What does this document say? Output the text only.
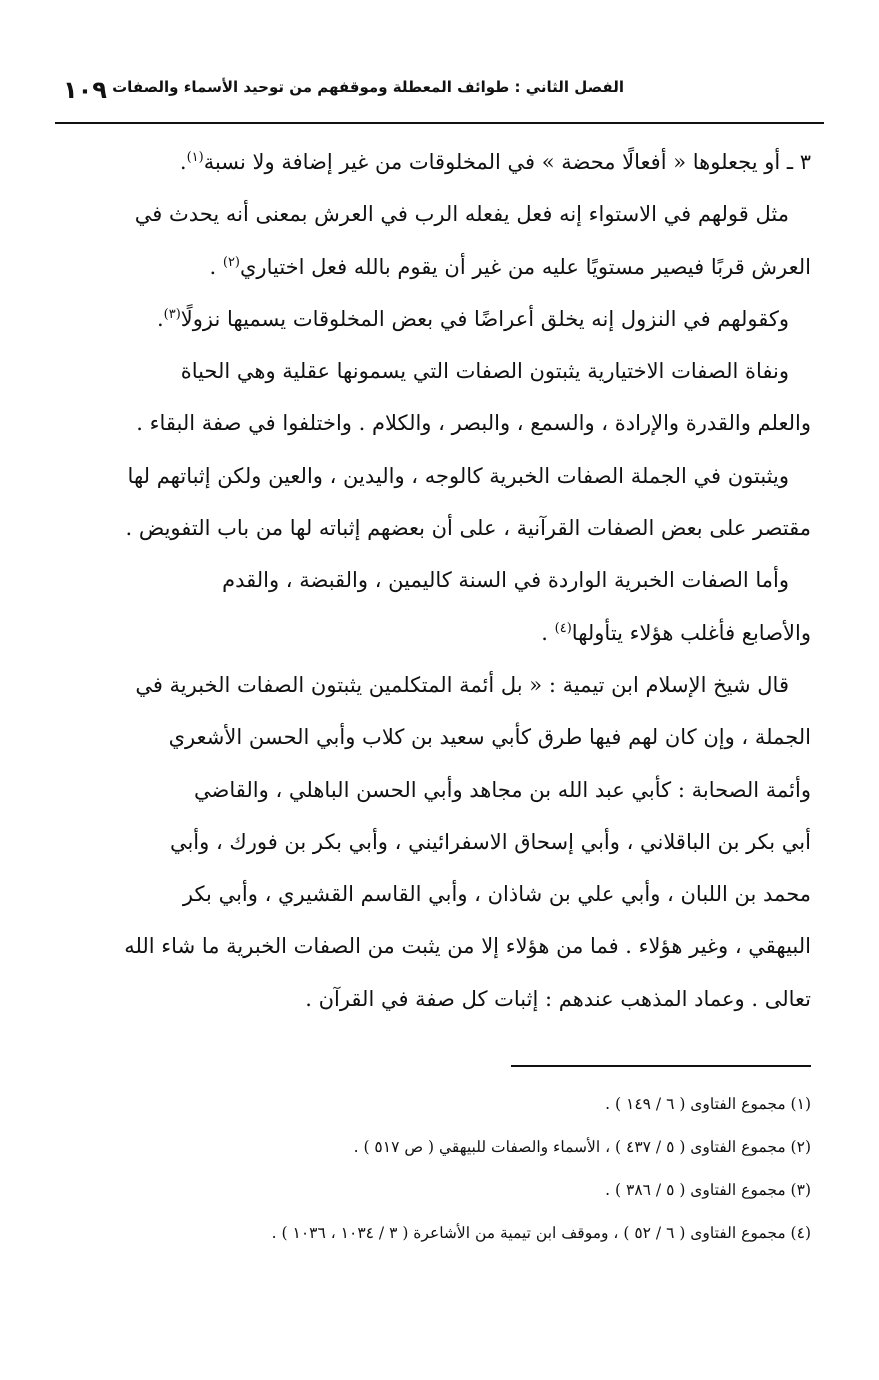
الفصل الثاني : طوائف المعطلة وموقفهم من توحيد الأسماء والصفات
١٠٩
٣ ـ أو يجعلوها « أفعالًا محضة » في المخلوقات من غير إضافة ولا نسبة$^{(١)}$.
مثل قولهم في الاستواء إنه فعل يفعله الرب في العرش بمعنى أنه يحدث في
العرش قربًا فيصير مستويًا عليه من غير أن يقوم بالله فعل اختياري$^{(٢)}$ .
وكقولهم في النزول إنه يخلق أعراضًا في بعض المخلوقات يسميها نزولًا$^{(٣)}$.
ونفاة الصفات الاختيارية يثبتون الصفات التي يسمونها عقلية وهي الحياة
والعلم والقدرة والإرادة ، والسمع ، والبصر ، والكلام . واختلفوا في صفة البقاء .
ويثبتون في الجملة الصفات الخبرية كالوجه ، واليدين ، والعين ولكن إثباتهم لها
مقتصر على بعض الصفات القرآنية ، على أن بعضهم إثباته لها من باب التفويض .
وأما الصفات الخبرية الواردة في السنة كاليمين ، والقبضة ، والقدم
والأصابع فأغلب هؤلاء يتأولها$^{(٤)}$ .
قال شيخ الإسلام ابن تيمية : « بل أئمة المتكلمين يثبتون الصفات الخبرية في
الجملة ، وإن كان لهم فيها طرق كأبي سعيد بن كلاب وأبي الحسن الأشعري
وأئمة الصحابة : كأبي عبد الله بن مجاهد وأبي الحسن الباهلي ، والقاضي
أبي بكر بن الباقلاني ، وأبي إسحاق الاسفرائيني ، وأبي بكر بن فورك ، وأبي
محمد بن اللبان ، وأبي علي بن شاذان ، وأبي القاسم القشيري ، وأبي بكر
البيهقي ، وغير هؤلاء . فما من هؤلاء إلا من يثبت من الصفات الخبرية ما شاء الله
تعالى . وعماد المذهب عندهم : إثبات كل صفة في القرآن .
(١) مجموع الفتاوى ( ٦ / ١٤٩ ) .
(٢) مجموع الفتاوى ( ٥ / ٤٣٧ ) ، الأسماء والصفات للبيهقي ( ص ٥١٧ ) .
(٣) مجموع الفتاوى ( ٥ / ٣٨٦ ) .
(٤) مجموع الفتاوى ( ٦ / ٥٢ ) ، وموقف ابن تيمية من الأشاعرة ( ٣ / ١٠٣٤ ، ١٠٣٦ ) .
